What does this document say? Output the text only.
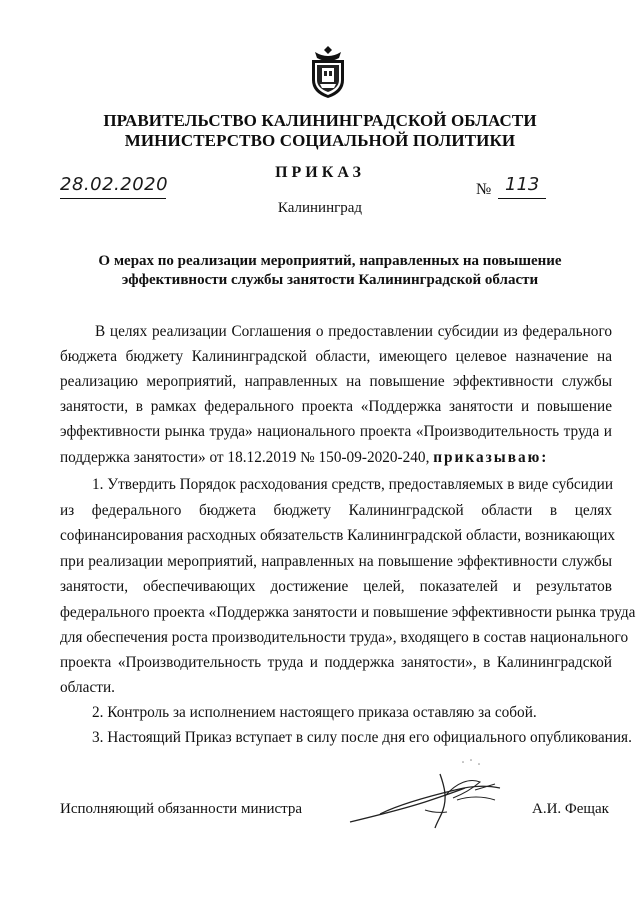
ПРАВИТЕЛЬСТВО КАЛИНИНГРАДСКОЙ ОБЛАСТИ
МИНИСТЕРСТВО СОЦИАЛЬНОЙ ПОЛИТИКИ
ПРИКАЗ
28.02.2020	№ 113
Калининград
О мерах по реализации мероприятий, направленных на повышение
эффективности службы занятости Калининградской области
В целях реализации Соглашения о предоставлении субсидии из федерального
бюджета бюджету Калининградской области, имеющего целевое назначение на
реализацию мероприятий, направленных на повышение эффективности службы
занятости, в рамках федерального проекта «Поддержка занятости и повышение
эффективности рынка труда» национального проекта «Производительность труда и
поддержка занятости» от 18.12.2019 № 150-09-2020-240, приказываю:
1. Утвердить Порядок расходования средств, предоставляемых в виде субсидии
из федерального бюджета бюджету Калининградской области в целях
софинансирования расходных обязательств Калининградской области, возникающих
при реализации мероприятий, направленных на повышение эффективности службы
занятости, обеспечивающих достижение целей, показателей и результатов
федерального проекта «Поддержка занятости и повышение эффективности рынка труда
для обеспечения роста производительности труда», входящего в состав национального
проекта «Производительность труда и поддержка занятости», в Калининградской
области.
2. Контроль за исполнением настоящего приказа оставляю за собой.
3. Настоящий Приказ вступает в силу после дня его официального опубликования.
Исполняющий обязанности министра	А.И. Фещак
